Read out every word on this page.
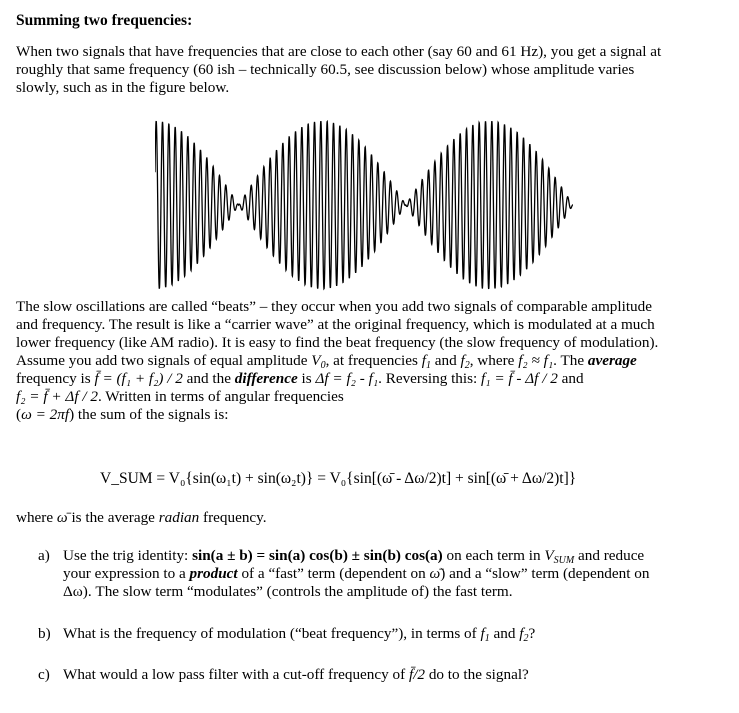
Summing two frequencies:
When two signals that have frequencies that are close to each other (say 60 and 61 Hz), you get a signal at
roughly that same frequency (60 ish – technically 60.5, see discussion below) whose amplitude varies
slowly, such as in the figure below.
The slow oscillations are called “beats” – they occur when you add two signals of comparable amplitude
and frequency. The result is like a “carrier wave” at the original frequency, which is modulated at a much
lower frequency (like AM radio). It is easy to find the beat frequency (the slow frequency of modulation).
Assume you add two signals of equal amplitude $V_0$, at frequencies $f_1$ and $f_2$, where f₂ ≈ f₁. The average
frequency is f̄ = (f₁ + f₂) / 2 and the difference is Δf = f₂ - f₁. Reversing this: f₁ = f̄ - Δf / 2 and
f₂ = f̄ + Δf / 2. Written in terms of angular frequencies
(ω = 2πf) the sum of the signals is:
V_SUM = V₀{sin(ω₁t) + sin(ω₂t)} = V₀{sin[(ω̄ - Δω/2)t] + sin[(ω̄ + Δω/2)t]}
where ω̄ is the average radian frequency.
a) Use the trig identity: sin(a ± b) = sin(a) cos(b) ± sin(b) cos(a) on each term in $V_{SUM}$ and reduce
your expression to a product of a “fast” term (dependent on ω̄) and a “slow” term (dependent on
Δω). The slow term “modulates” (controls the amplitude of) the fast term.
b) What is the frequency of modulation (“beat frequency”), in terms of $f_1$ and $f_2$?
c) What would a low pass filter with a cut-off frequency of f̄/2 do to the signal?
